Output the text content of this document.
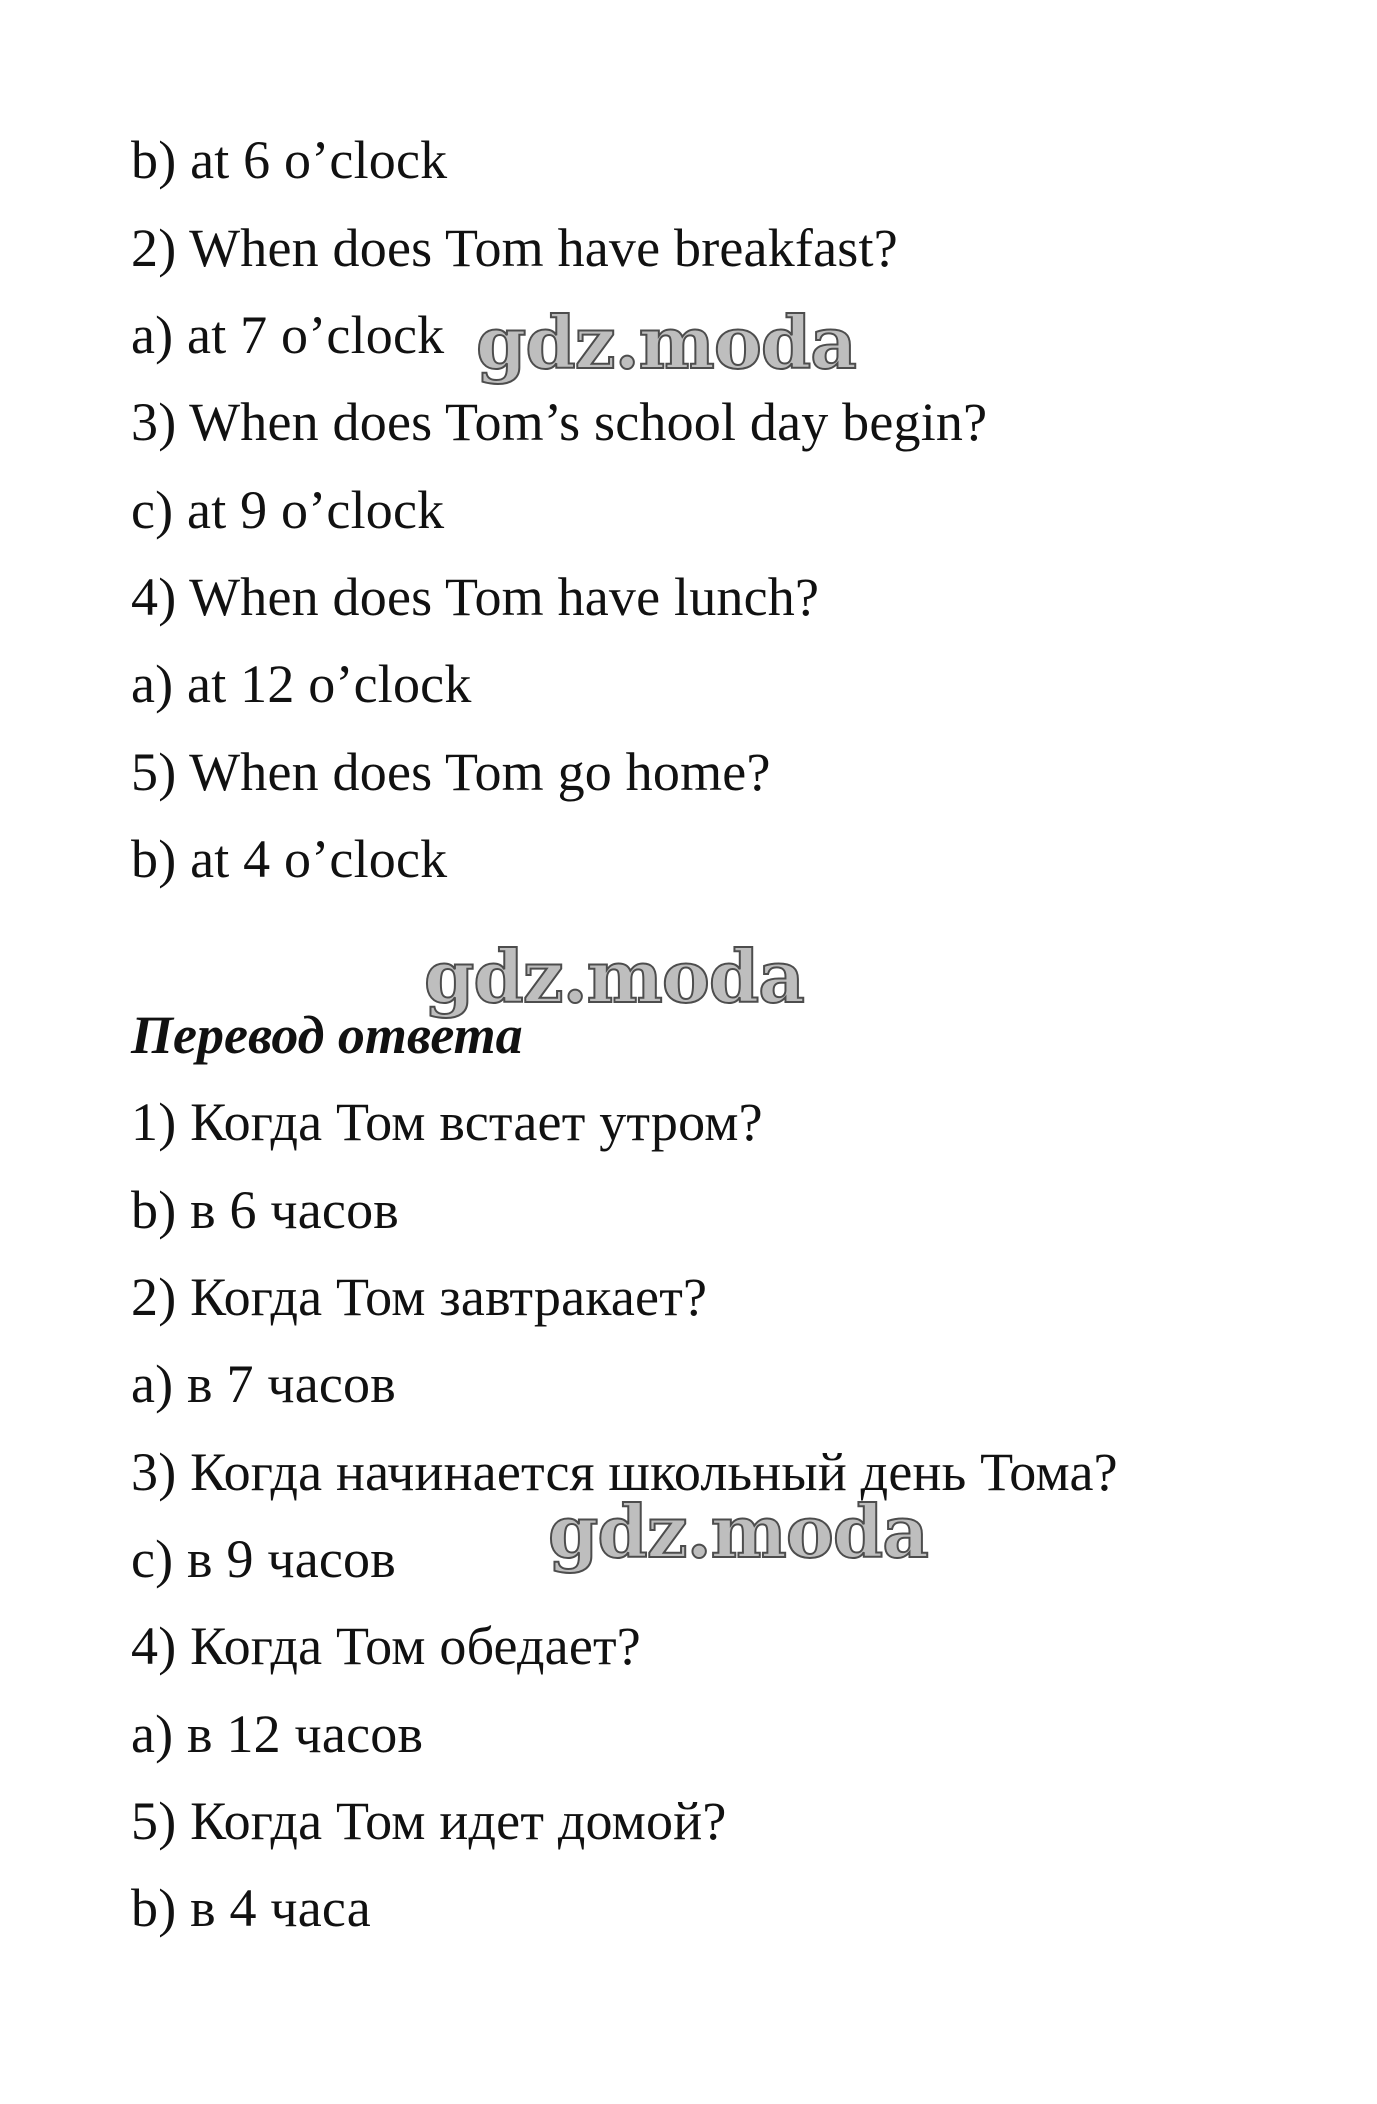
b) at 6 o’clock
2) When does Tom have breakfast?
a) at 7 o’clock
3) When does Tom’s school day begin?
c) at 9 o’clock
4) When does Tom have lunch?
a) at 12 o’clock
5) When does Tom go home?
b) at 4 o’clock
Перевод ответа
1) Когда Том встает утром?
b) в 6 часов
2) Когда Том завтракает?
a) в 7 часов
3) Когда начинается школьный день Тома?
c) в 9 часов
4) Когда Том обедает?
a) в 12 часов
5) Когда Том идет домой?
b) в 4 часа
gdz.moda
gdz.moda
gdz.moda
